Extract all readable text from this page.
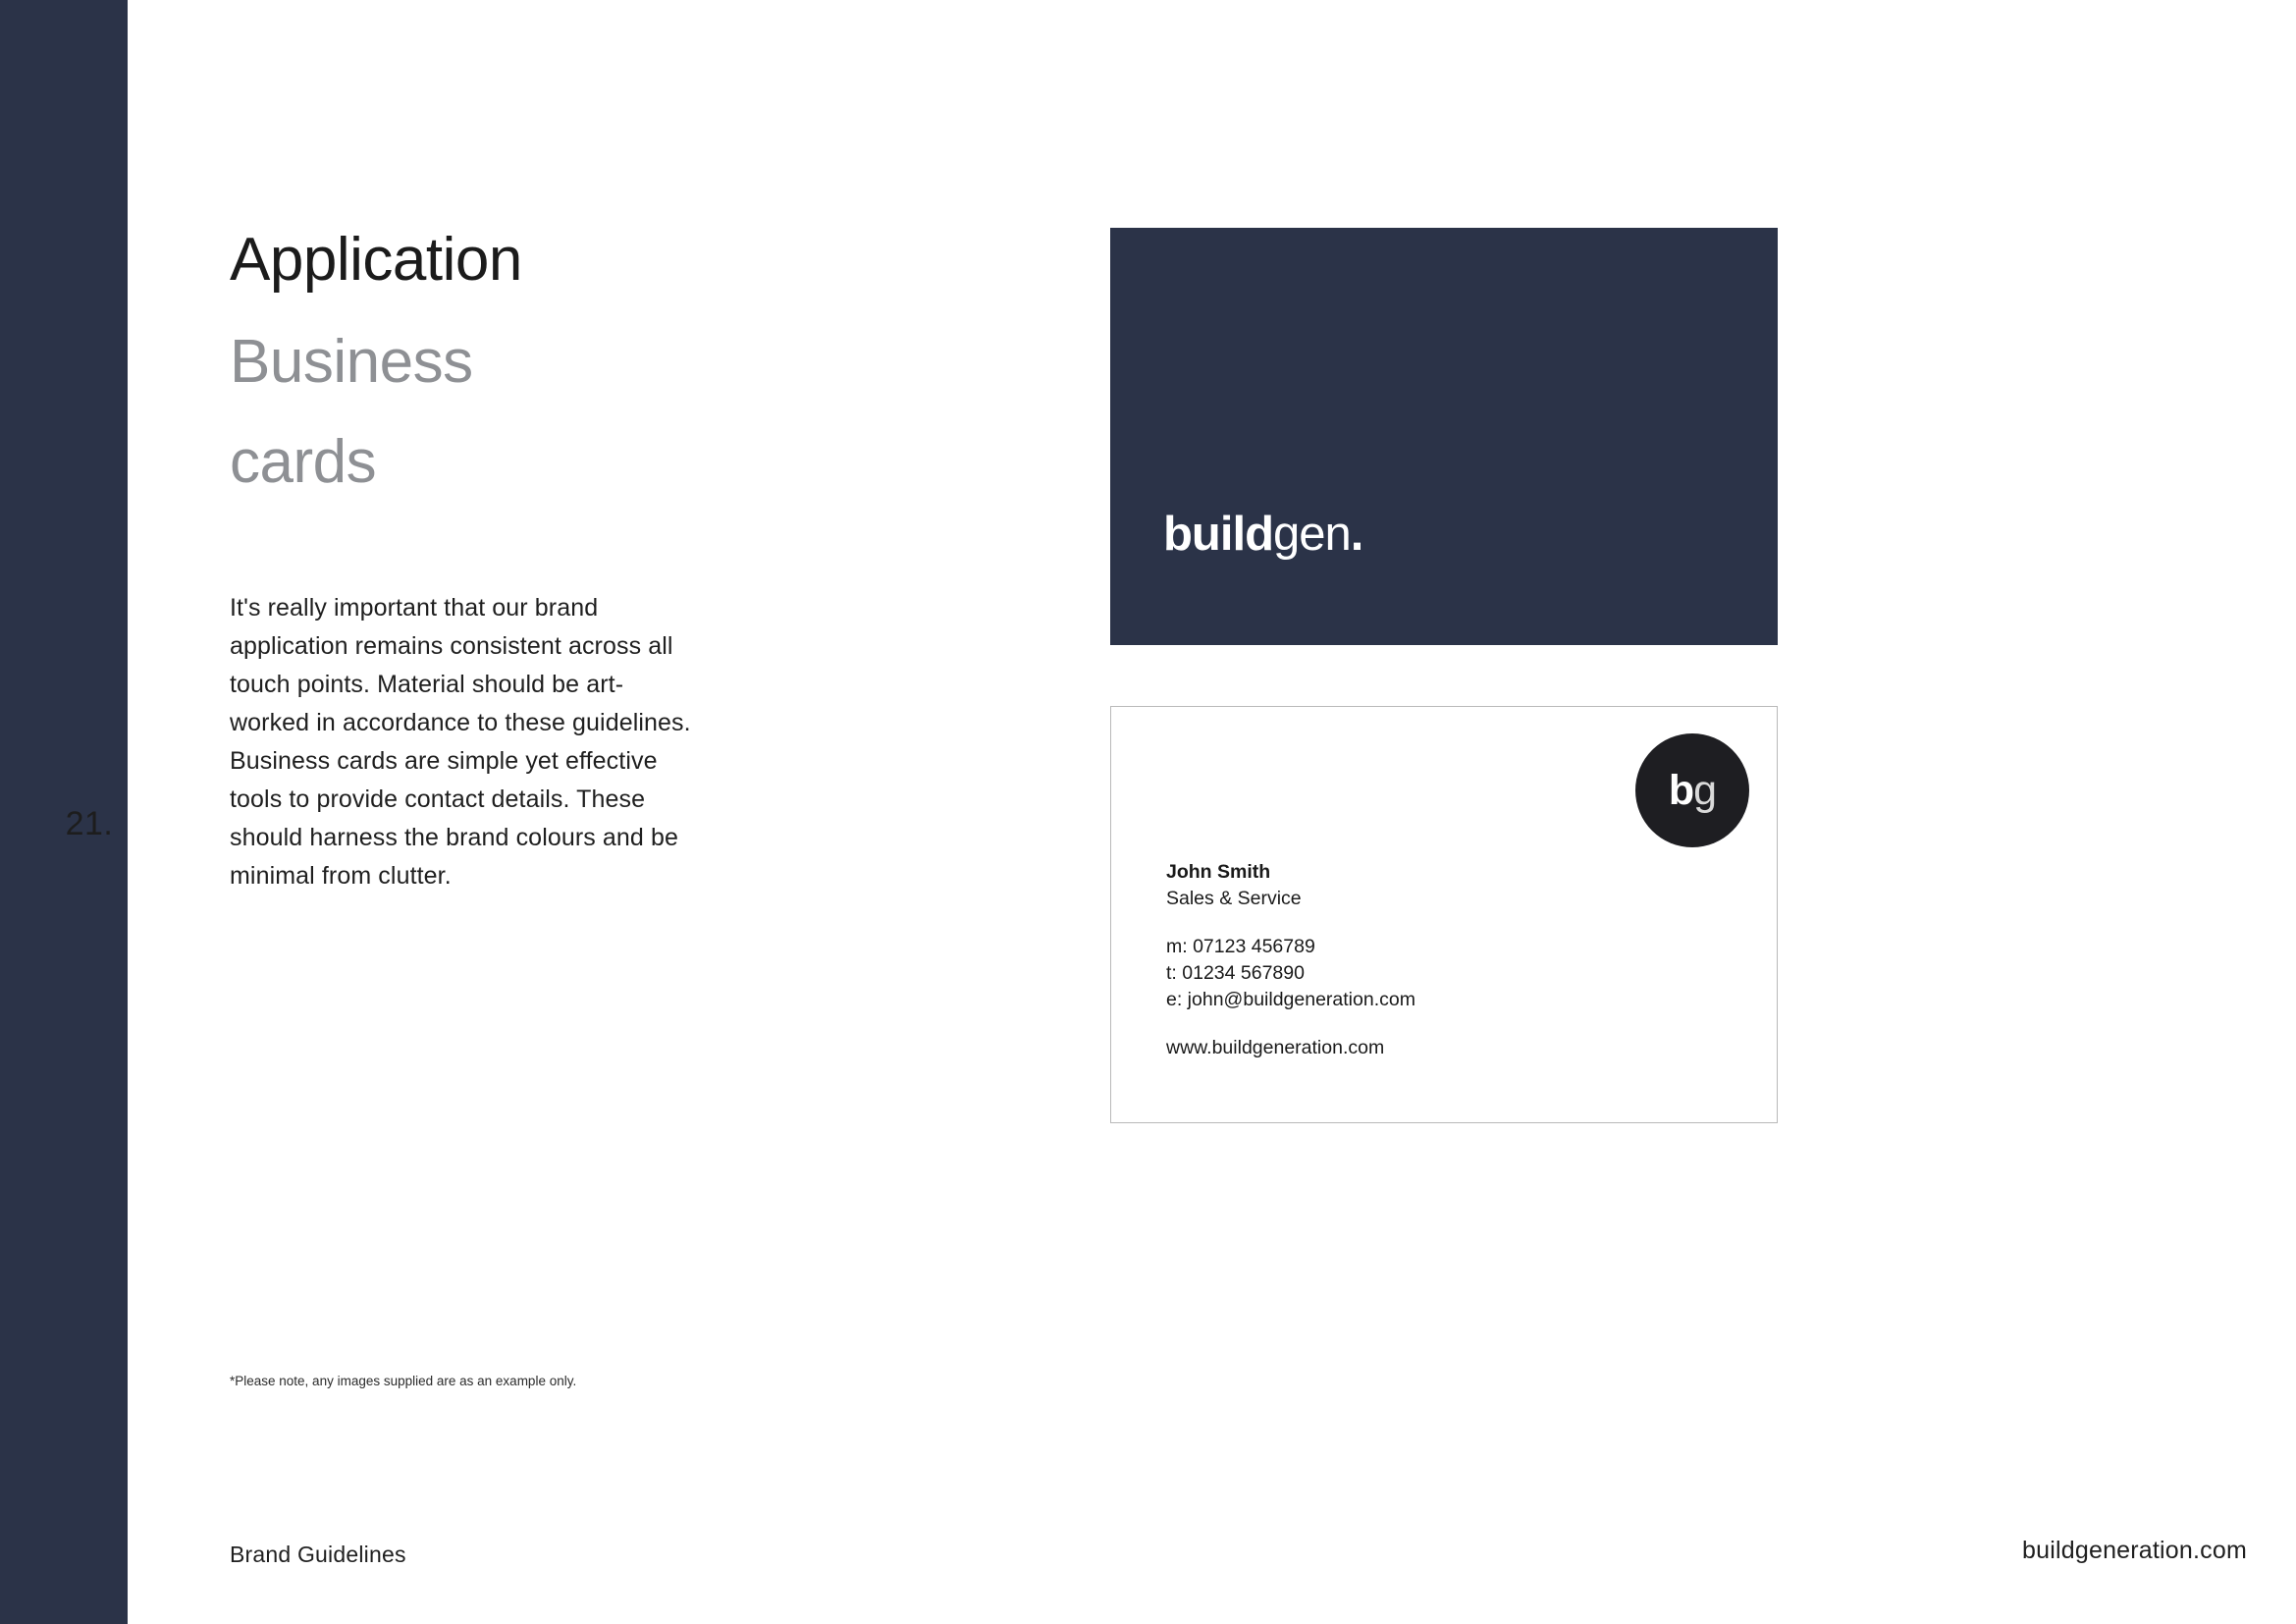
21.
Application
Business
cards
It's really important that our brand application remains consistent across all touch points. Material should be art-worked in accordance to these guidelines. Business cards are simple yet effective tools to provide contact details. These should harness the brand colours and be minimal from clutter.
*Please note, any images supplied are as an example only.
Brand Guidelines	buildgeneration.com
buildgen.
bg
John Smith
Sales & Service
m: 07123 456789
t: 01234 567890
e: john@buildgeneration.com
www.buildgeneration.com
